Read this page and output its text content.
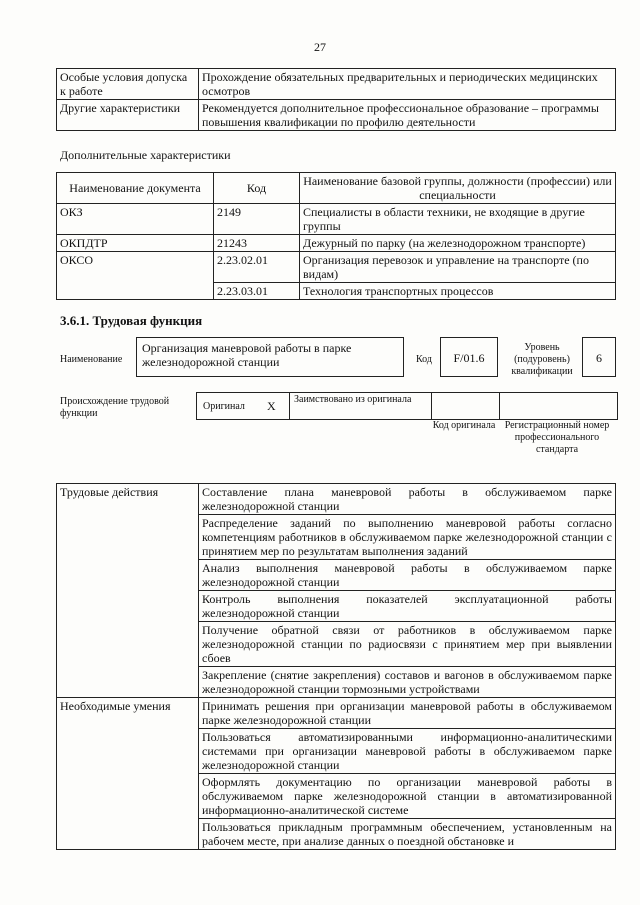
27
Особые условия допуска к работе	Прохождение обязательных предварительных и периодических медицинских осмотров
Другие характеристики	Рекомендуется дополнительное профессиональное образование – программы повышения квалификации по профилю деятельности
Дополнительные характеристики
Наименование документа	Код	Наименование базовой группы, должности (профессии) или специальности
ОКЗ	2149	Специалисты в области техники, не входящие в другие группы
ОКПДТР	21243	Дежурный по парку (на железнодорожном транспорте)
ОКСО	2.23.02.01	Организация перевозок и управление на транспорте (по видам)
	2.23.03.01	Технология транспортных процессов
3.6.1. Трудовая функция
Наименование
Организация маневровой работы в парке железнодорожной станции	Код	F/01.6
Уровень (подуровень) квалификации
6
Происхождение трудовой функции
Оригинал X Заимствовано из оригинала
Код оригинала Регистрационный номер профессионального стандарта
Трудовые действия	Составление плана маневровой работы в обслуживаемом парке железнодорожной станции
	Распределение заданий по выполнению маневровой работы согласно компетенциям работников в обслуживаемом парке железнодорожной станции с принятием мер по результатам выполнения заданий
	Анализ выполнения маневровой работы в обслуживаемом парке железнодорожной станции
	Контроль выполнения показателей эксплуатационной работы железнодорожной станции
	Получение обратной связи от работников в обслуживаемом парке железнодорожной станции по радиосвязи с принятием мер при выявлении сбоев
	Закрепление (снятие закрепления) составов и вагонов в обслуживаемом парке железнодорожной станции тормозными устройствами
Необходимые умения	Принимать решения при организации маневровой работы в обслуживаемом парке железнодорожной станции
	Пользоваться автоматизированными информационно-аналитическими системами при организации маневровой работы в обслуживаемом парке железнодорожной станции
	Оформлять документацию по организации маневровой работы в обслуживаемом парке железнодорожной станции в автоматизированной информационно-аналитической системе
	Пользоваться прикладным программным обеспечением, установленным на рабочем месте, при анализе данных о поездной обстановке и
